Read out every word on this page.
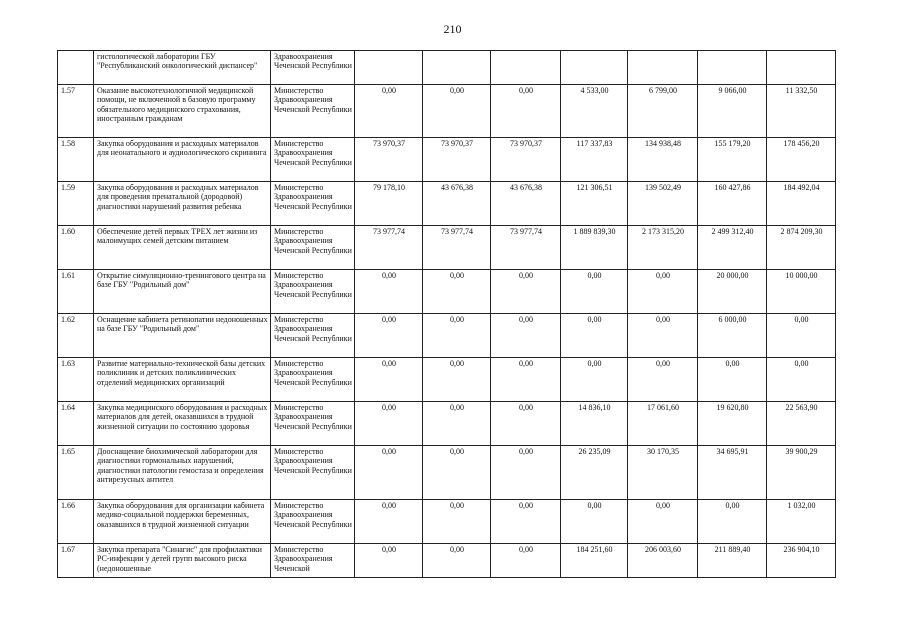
210
	гистологической лаборатории ГБУ "Республиканский онкологический диспансер"	Здравоохранения Чеченской Республики							
1.57	Оказание высокотехнологичной медицинской помощи, не включенной в базовую программу обязательного медицинского страхования, иностранным гражданам	Министерство Здравоохранения Чеченской Республики	0,00	0,00	0,00	4 533,00	6 799,00	9 066,00	11 332,50
1.58	Закупка оборудования и расходных материалов для неонатального и аудиологического скрининга	Министерство Здравоохранения Чеченской Республики	73 970,37	73 970,37	73 970,37	117 337,83	134 938,48	155 179,20	178 456,20
1.59	Закупка оборудования и расходных материалов для проведения пренатальной (дородовой) диагностики нарушений развития ребенка	Министерство Здравоохранения Чеченской Республики	79 178,10	43 676,38	43 676,38	121 306,51	139 502,49	160 427,86	184 492,04
1.60	Обеспечение детей первых ТРЕХ лет жизни из малоимущих семей детским питанием	Министерство Здравоохранения Чеченской Республики	73 977,74	73 977,74	73 977,74	1 889 839,30	2 173 315,20	2 499 312,40	2 874 209,30
1.61	Открытие симуляционно-тренингового центра на базе ГБУ "Родильный дом"	Министерство Здравоохранения Чеченской Республики	0,00	0,00	0,00	0,00	0,00	20 000,00	10 000,00
1.62	Оснащение кабинета ретинопатии недоношенных на базе ГБУ "Родильный дом"	Министерство Здравоохранения Чеченской Республики	0,00	0,00	0,00	0,00	0,00	6 000,00	0,00
1.63	Развитие материально-технической базы детских поликлиник и детских поликлинических отделений медицинских организаций	Министерство Здравоохранения Чеченской Республики	0,00	0,00	0,00	0,00	0,00	0,00	0,00
1.64	Закупка медицинского оборудования и расходных материалов для детей, оказавшихся в трудной жизненной ситуации по состоянию здоровья	Министерство Здравоохранения Чеченской Республики	0,00	0,00	0,00	14 836,10	17 061,60	19 620,80	22 563,90
1.65	Дооснащение биохимической лаборатории для диагностики гормональных нарушений, диагностики патологии гемостаза и определения антирезусных антител	Министерство Здравоохранения Чеченской Республики	0,00	0,00	0,00	26 235,09	30 170,35	34 695,91	39 900,29
1.66	Закупка оборудования для организации кабинета медико-социальной поддержки беременных, оказавшихся в трудной жизненной ситуации	Министерство Здравоохранения Чеченской Республики	0,00	0,00	0,00	0,00	0,00	0,00	1 032,00
1.67	Закупка препарата "Синагис" для профилактики РС-инфекции у детей групп высокого риска (недоношенные	Министерство Здравоохранения Чеченской	0,00	0,00	0,00	184 251,60	206 003,60	211 889,40	236 904,10
